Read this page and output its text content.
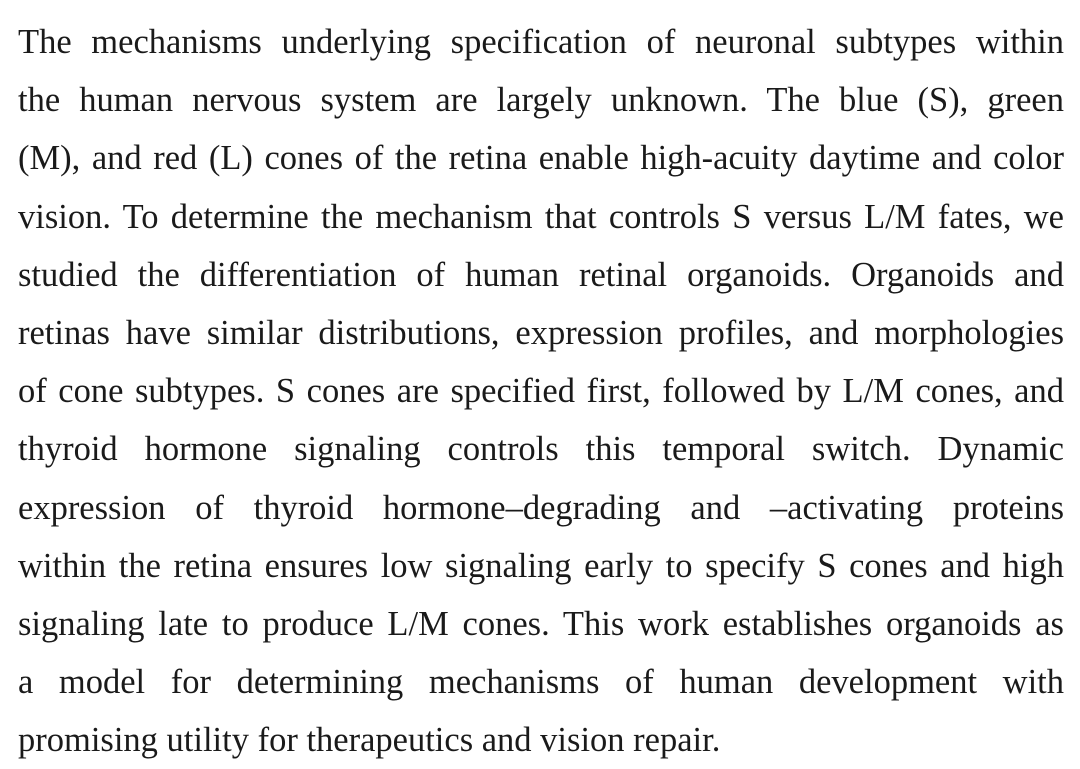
The mechanisms underlying specification of neuronal subtypes within
the human nervous system are largely unknown. The blue (S), green
(M), and red (L) cones of the retina enable high-acuity daytime and color
vision. To determine the mechanism that controls S versus L/M fates, we
studied the differentiation of human retinal organoids. Organoids and
retinas have similar distributions, expression profiles, and morphologies
of cone subtypes. S cones are specified first, followed by L/M cones, and
thyroid hormone signaling controls this temporal switch. Dynamic
expression of thyroid hormone–degrading and –activating proteins
within the retina ensures low signaling early to specify S cones and high
signaling late to produce L/M cones. This work establishes organoids as
a model for determining mechanisms of human development with
promising utility for therapeutics and vision repair.
